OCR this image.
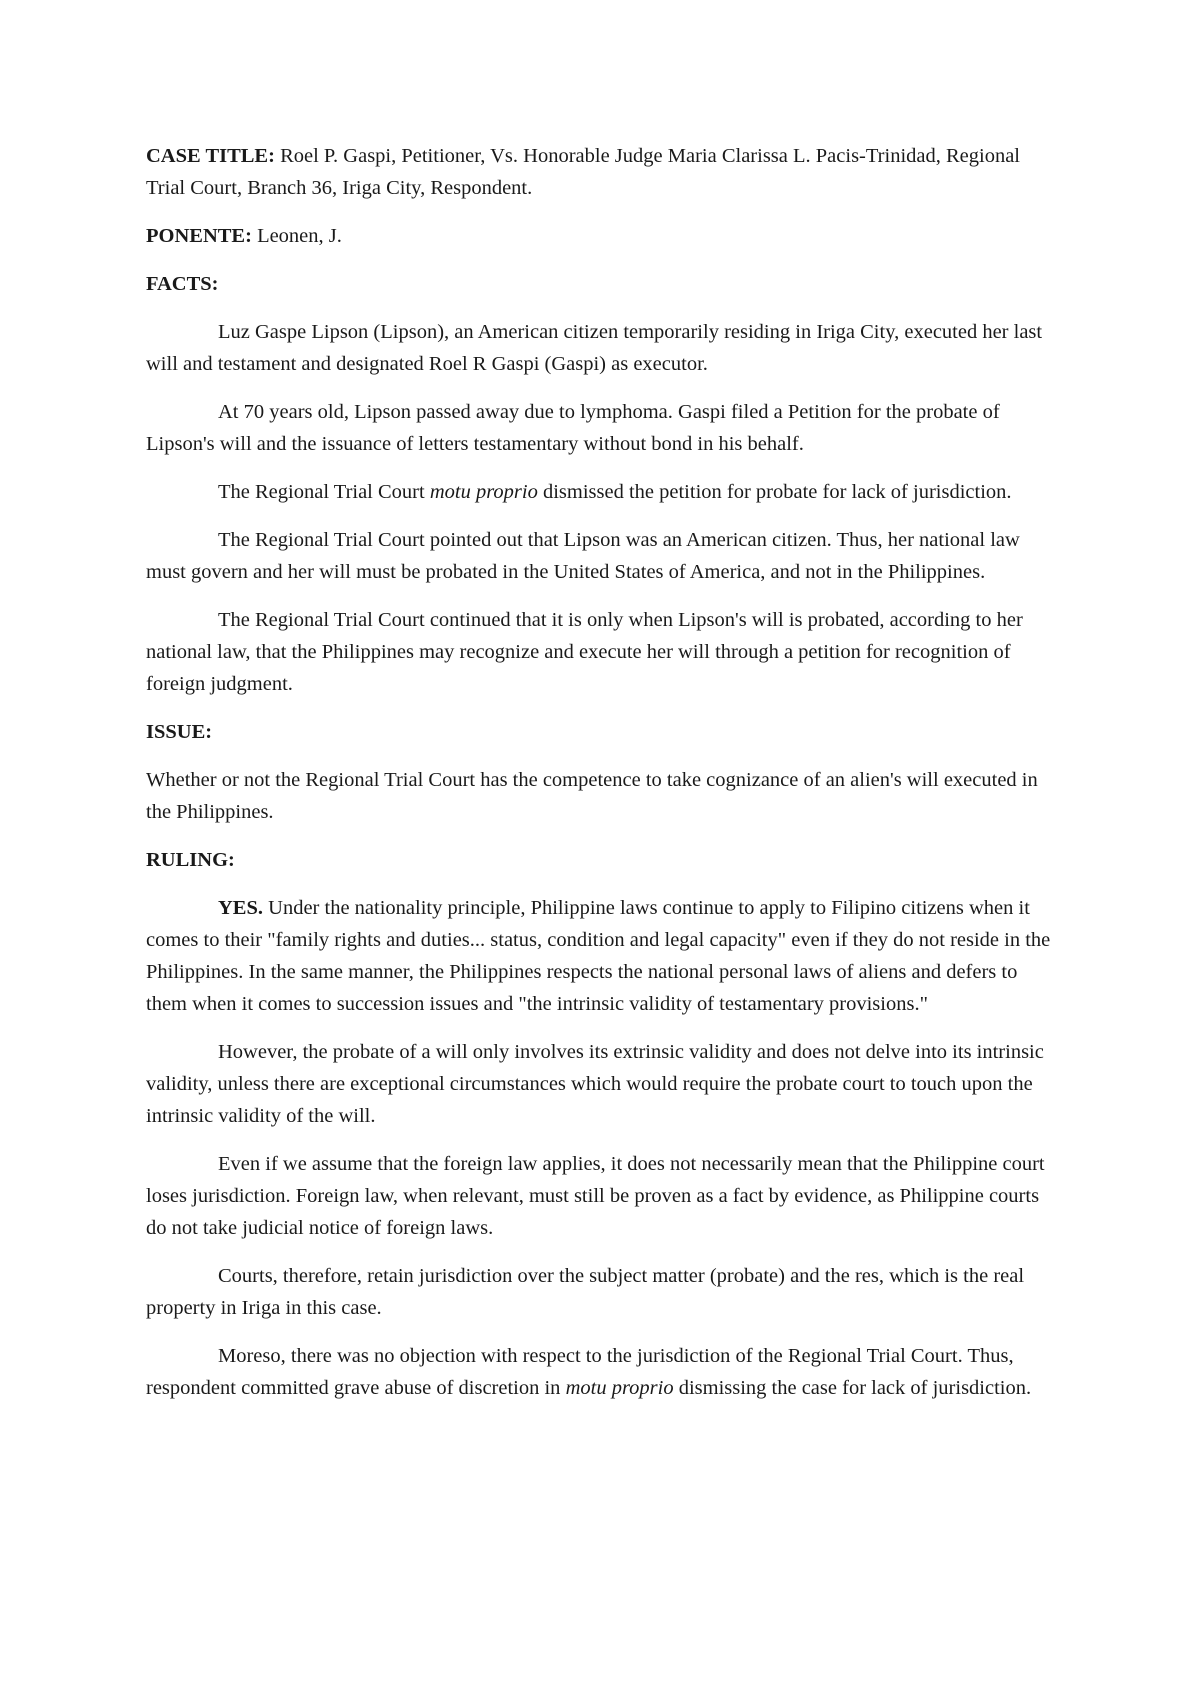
CASE TITLE: Roel P. Gaspi, Petitioner, Vs. Honorable Judge Maria Clarissa L. Pacis-Trinidad, Regional Trial Court, Branch 36, Iriga City, Respondent.

PONENTE: Leonen, J.

FACTS:

Luz Gaspe Lipson (Lipson), an American citizen temporarily residing in Iriga City, executed her last will and testament and designated Roel R Gaspi (Gaspi) as executor.

At 70 years old, Lipson passed away due to lymphoma. Gaspi filed a Petition for the probate of Lipson's will and the issuance of letters testamentary without bond in his behalf.

The Regional Trial Court motu proprio dismissed the petition for probate for lack of jurisdiction.

The Regional Trial Court pointed out that Lipson was an American citizen. Thus, her national law must govern and her will must be probated in the United States of America, and not in the Philippines.

The Regional Trial Court continued that it is only when Lipson's will is probated, according to her national law, that the Philippines may recognize and execute her will through a petition for recognition of foreign judgment.

ISSUE:

Whether or not the Regional Trial Court has the competence to take cognizance of an alien's will executed in the Philippines.

RULING:

YES. Under the nationality principle, Philippine laws continue to apply to Filipino citizens when it comes to their "family rights and duties... status, condition and legal capacity" even if they do not reside in the Philippines. In the same manner, the Philippines respects the national personal laws of aliens and defers to them when it comes to succession issues and "the intrinsic validity of testamentary provisions."

However, the probate of a will only involves its extrinsic validity and does not delve into its intrinsic validity, unless there are exceptional circumstances which would require the probate court to touch upon the intrinsic validity of the will.

Even if we assume that the foreign law applies, it does not necessarily mean that the Philippine court loses jurisdiction. Foreign law, when relevant, must still be proven as a fact by evidence, as Philippine courts do not take judicial notice of foreign laws.

Courts, therefore, retain jurisdiction over the subject matter (probate) and the res, which is the real property in Iriga in this case.

Moreso, there was no objection with respect to the jurisdiction of the Regional Trial Court. Thus, respondent committed grave abuse of discretion in motu proprio dismissing the case for lack of jurisdiction.
